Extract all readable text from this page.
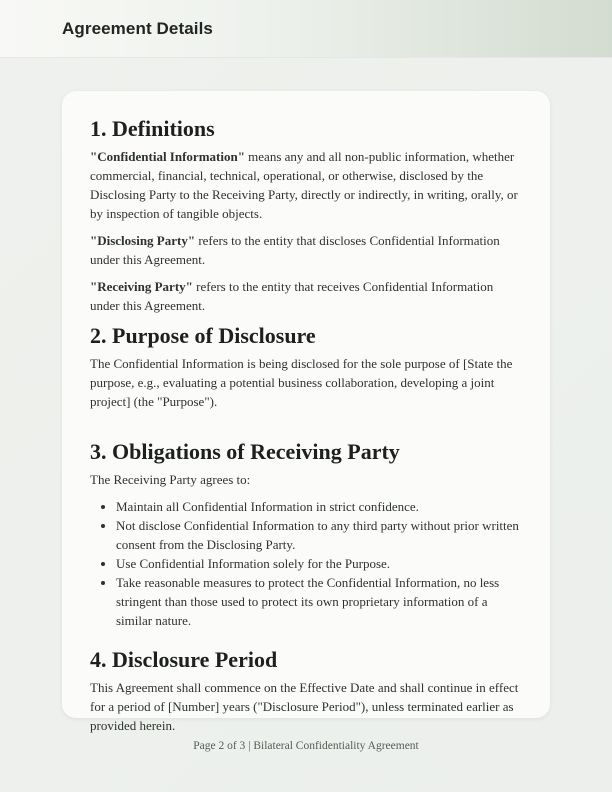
Agreement Details
1. Definitions

"Confidential Information" means any and all non-public information, whether commercial, financial, technical, operational, or otherwise, disclosed by the Disclosing Party to the Receiving Party, directly or indirectly, in writing, orally, or by inspection of tangible objects.

"Disclosing Party" refers to the entity that discloses Confidential Information under this Agreement.

"Receiving Party" refers to the entity that receives Confidential Information under this Agreement.

2. Purpose of Disclosure

The Confidential Information is being disclosed for the sole purpose of [State the purpose, e.g., evaluating a potential business collaboration, developing a joint project] (the "Purpose").

3. Obligations of Receiving Party

The Receiving Party agrees to:

• Maintain all Confidential Information in strict confidence.
• Not disclose Confidential Information to any third party without prior written consent from the Disclosing Party.
• Use Confidential Information solely for the Purpose.
• Take reasonable measures to protect the Confidential Information, no less stringent than those used to protect its own proprietary information of a similar nature.
4. Disclosure Period

This Agreement shall commence on the Effective Date and shall continue in effect for a period of [Number] years ("Disclosure Period"), unless terminated earlier as provided herein.

Page 2 of 3 | Bilateral Confidentiality Agreement
